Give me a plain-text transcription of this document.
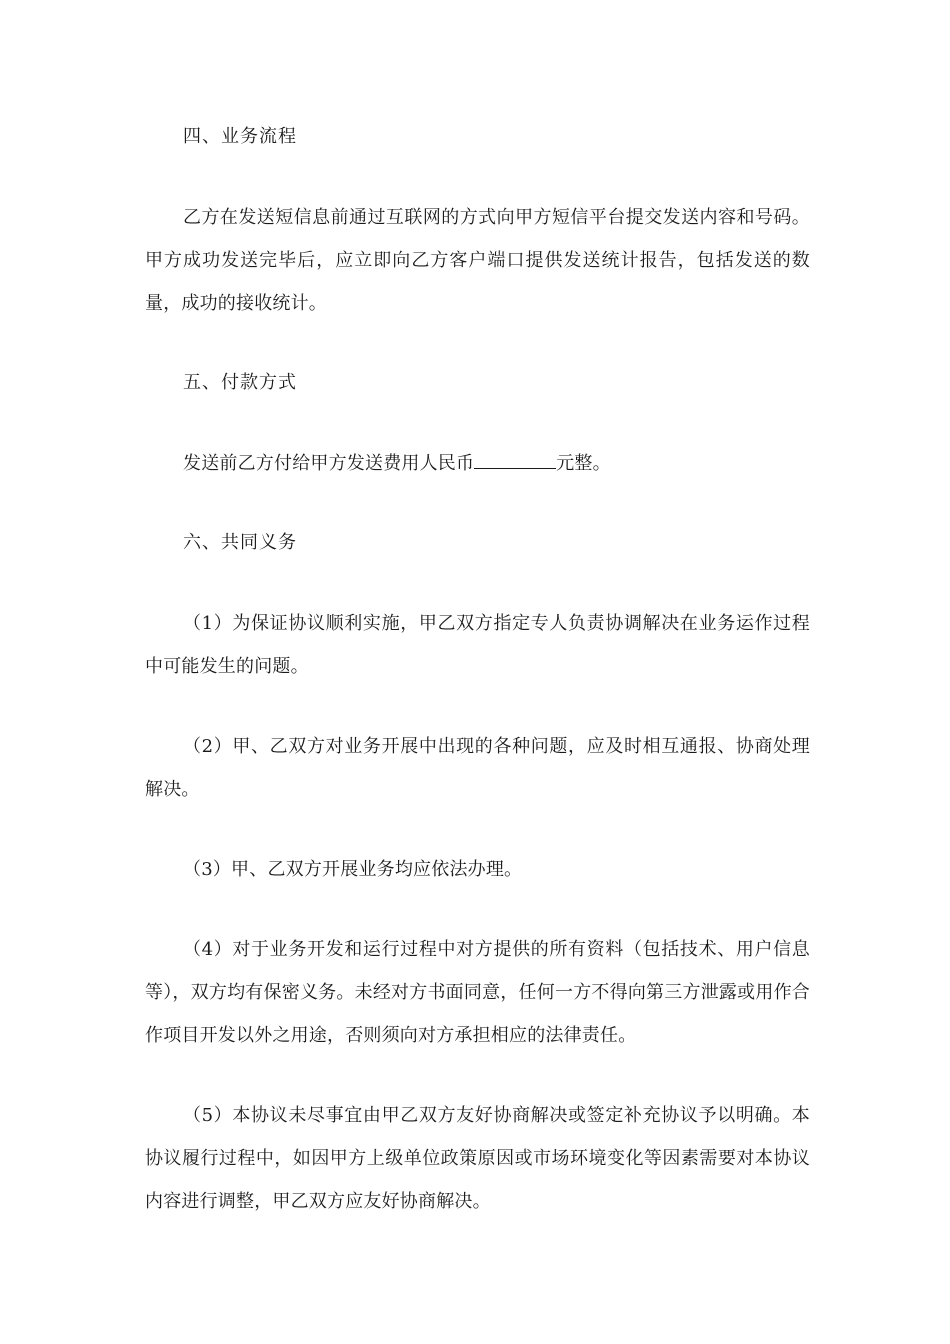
四、业务流程
乙方在发送短信息前通过互联网的方式向甲方短信平台提交发送内容和号码。甲方成功发送完毕后，应立即向乙方客户端口提供发送统计报告，包括发送的数量，成功的接收统计。
五、付款方式
发送前乙方付给甲方发送费用人民币	元整。
六、共同义务
（1）为保证协议顺利实施，甲乙双方指定专人负责协调解决在业务运作过程中可能发生的问题。
（2）甲、乙双方对业务开展中出现的各种问题，应及时相互通报、协商处理解决。
（3）甲、乙双方开展业务均应依法办理。
（4）对于业务开发和运行过程中对方提供的所有资料（包括技术、用户信息等），双方均有保密义务。未经对方书面同意，任何一方不得向第三方泄露或用作合作项目开发以外之用途，否则须向对方承担相应的法律责任。
（5）本协议未尽事宜由甲乙双方友好协商解决或签定补充协议予以明确。本协议履行过程中，如因甲方上级单位政策原因或市场环境变化等因素需要对本协议内容进行调整，甲乙双方应友好协商解决。
